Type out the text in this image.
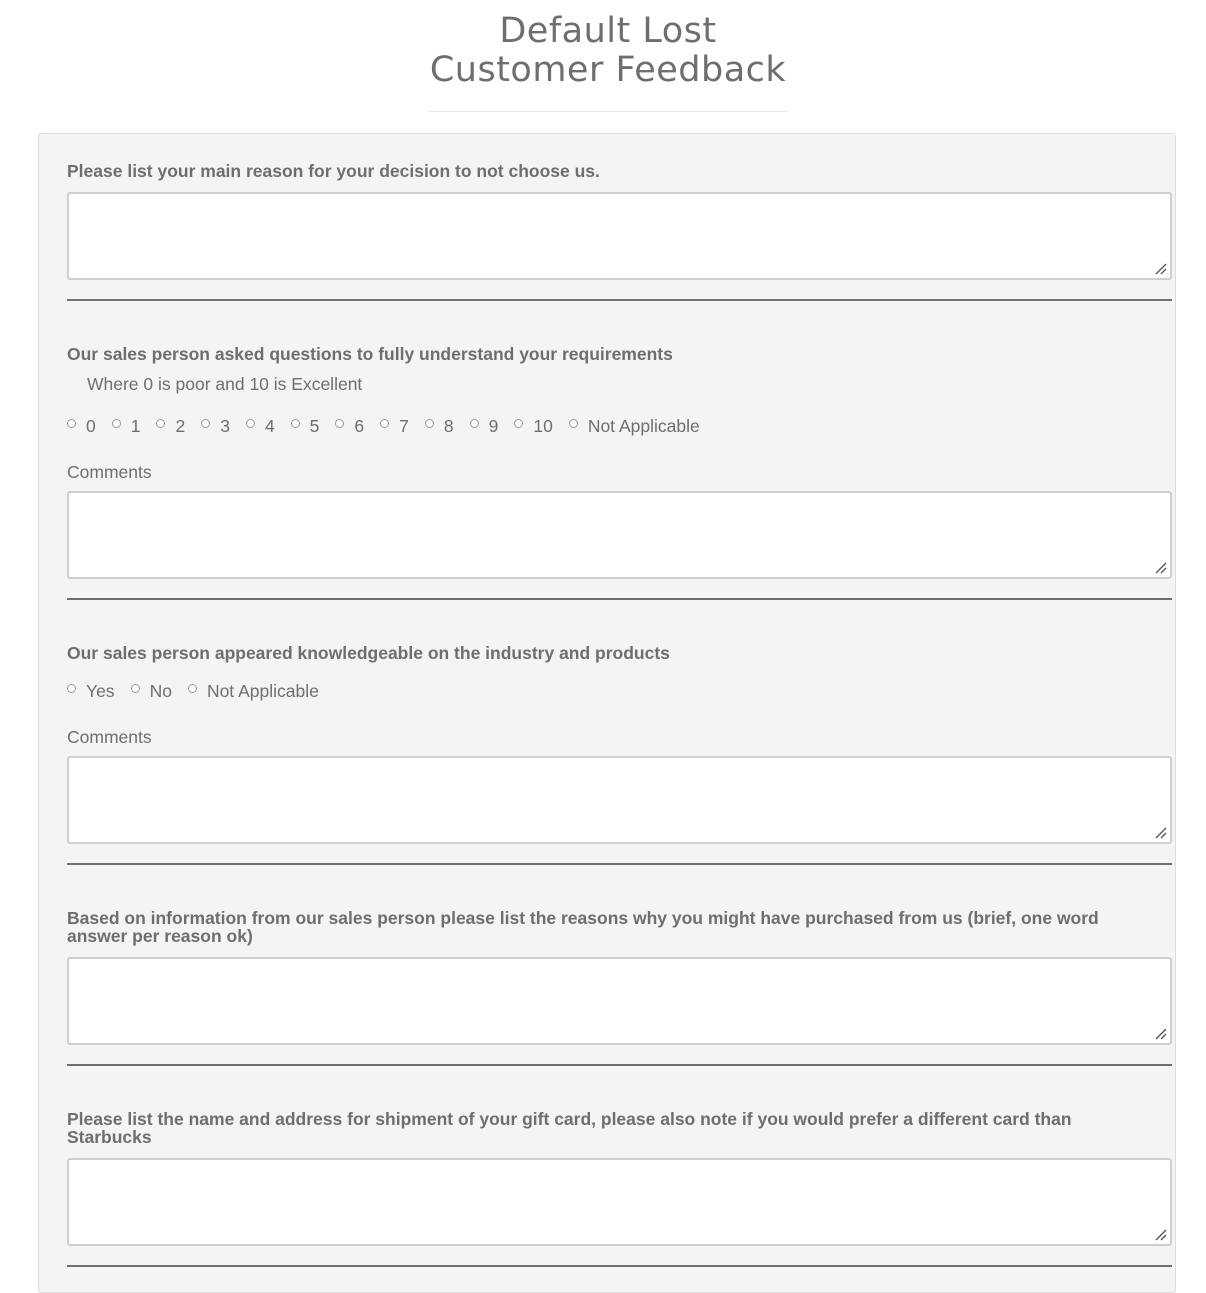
Default Lost
Customer Feedback
Please list your main reason for your decision to not choose us.
Our sales person asked questions to fully understand your requirements
Where 0 is poor and 10 is Excellent
0 1 2 3 4 5 6 7 8 9 10 Not Applicable
Comments
Our sales person appeared knowledgeable on the industry and products
Yes No Not Applicable
Comments
Based on information from our sales person please list the reasons why you might have purchased from us (brief, one word answer per reason ok)
Please list the name and address for shipment of your gift card, please also note if you would prefer a different card than Starbucks
